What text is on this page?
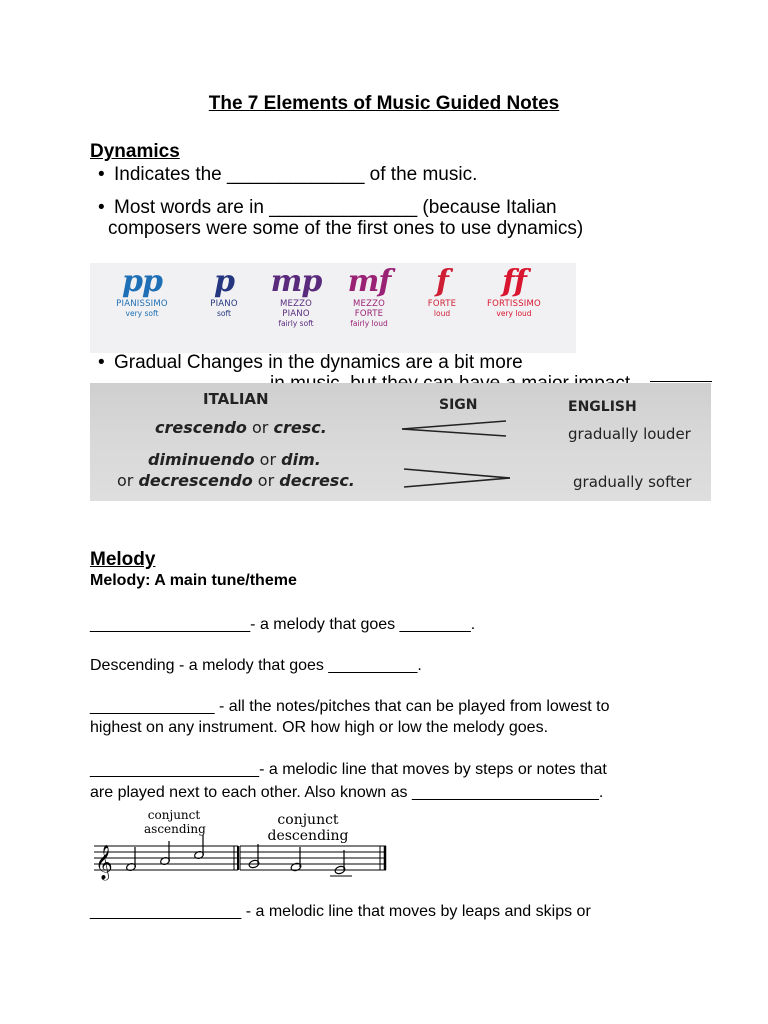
The 7 Elements of Music Guided Notes
Dynamics
• Indicates the _____________ of the music.
• Most words are in ______________ (because Italian
composers were some of the first ones to use dynamics)
pp
PIANISSIMO
very soft
p
PIANO
soft
mp
MEZZO
PIANO
fairly soft
mf
MEZZO
FORTE
fairly loud
f
FORTE
loud
ff
FORTISSIMO
very loud
• Gradual Changes in the dynamics are a bit more
ITALIAN	SIGN	ENGLISH
crescendo or cresc.	gradually louder
diminuendo or dim.
or decrescendo or decresc.	gradually softer
Melody
Melody: A main tune/theme
__________________- a melody that goes ________.
Descending - a melody that goes __________.
______________ - all the notes/pitches that can be played from lowest to
highest on any instrument. OR how high or low the melody goes.
___________________- a melodic line that moves by steps or notes that
are played next to each other. Also known as _____________________.
conjunct
ascending
conjunct
descending
𝄞
_________________ - a melodic line that moves by leaps and skips or
